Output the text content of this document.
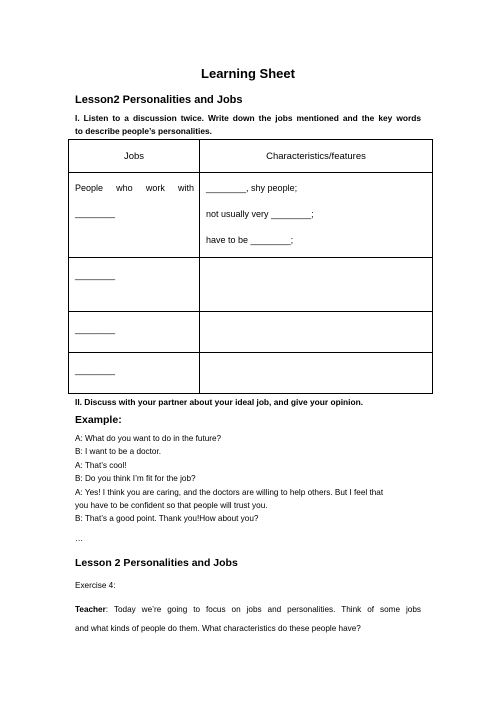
Learning Sheet
Lesson2 Personalities and Jobs
I. Listen to a discussion twice. Write down the jobs mentioned and the key words
to describe people’s personalities.
Jobs	Characteristics/features

People who work with
________	________, shy people;
not usually very ________;
have to be ________;

________	

________	

________	

II. Discuss with your partner about your ideal job, and give your opinion.
Example:
A: What do you want to do in the future?
B: I want to be a doctor.
A: That’s cool!
B: Do you think I’m fit for the job?
A: Yes! I think you are caring, and the doctors are willing to help others. But I feel that
you have to be confident so that people will trust you.
B: That’s a good point. Thank you!How about you?
…
Lesson 2 Personalities and Jobs
Exercise 4:
Teacher: Today we’re going to focus on jobs and personalities. Think of some jobs
and what kinds of people do them. What characteristics do these people have?
